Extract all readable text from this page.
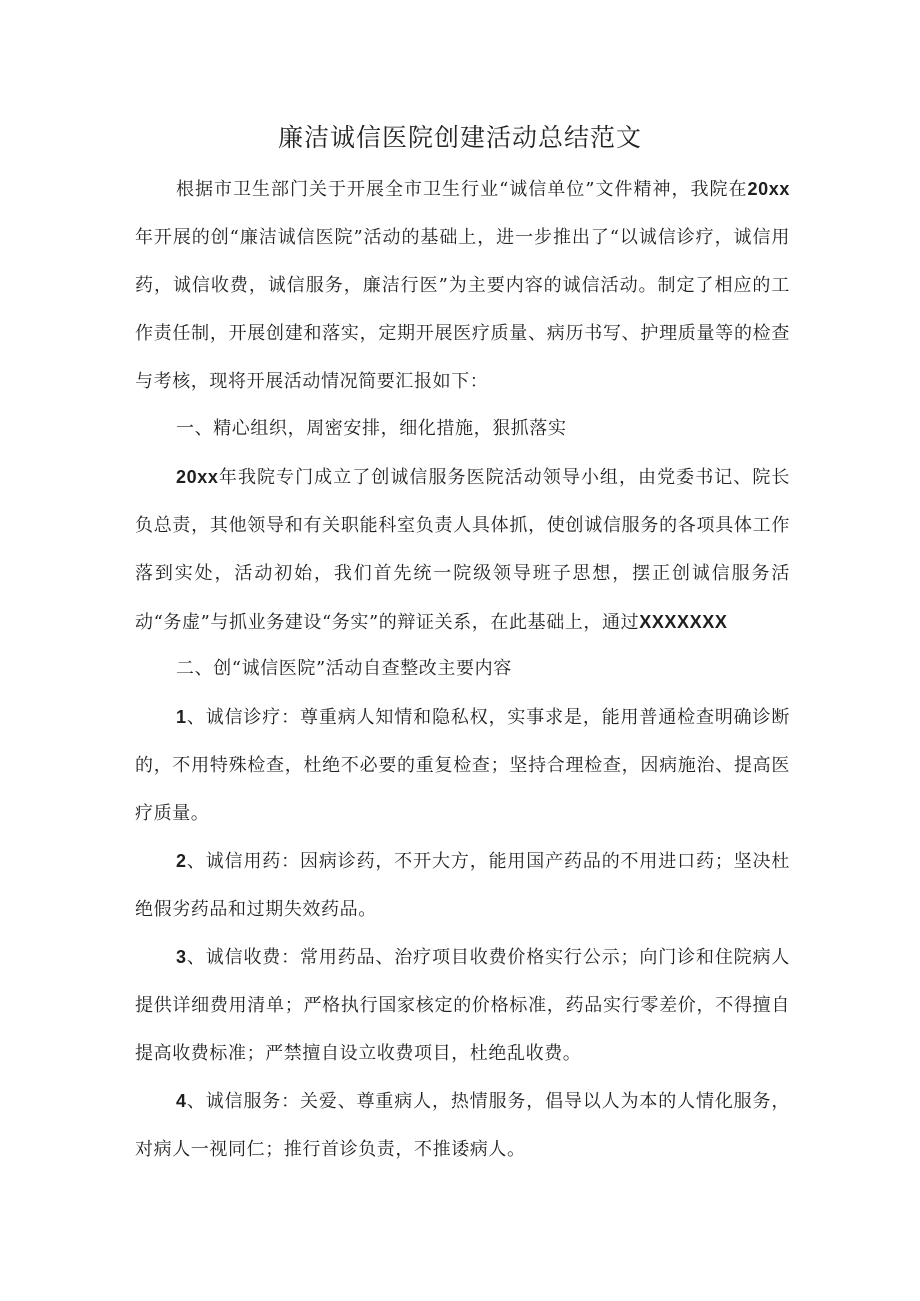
廉洁诚信医院创建活动总结范文

根据市卫生部门关于开展全市卫生行业“诚信单位”文件精神，我院在20xx年开展的创“廉洁诚信医院”活动的基础上，进一步推出了“以诚信诊疗，诚信用药，诚信收费，诚信服务，廉洁行医”为主要内容的诚信活动。制定了相应的工作责任制，开展创建和落实，定期开展医疗质量、病历书写、护理质量等的检查与考核，现将开展活动情况简要汇报如下：

一、精心组织，周密安排，细化措施，狠抓落实

20xx年我院专门成立了创诚信服务医院活动领导小组，由党委书记、院长负总责，其他领导和有关职能科室负责人具体抓，使创诚信服务的各项具体工作落到实处，活动初始，我们首先统一院级领导班子思想，摆正创诚信服务活动“务虚”与抓业务建设“务实”的辩证关系，在此基础上，通过XXXXXXX

二、创“诚信医院”活动自查整改主要内容

1、诚信诊疗：尊重病人知情和隐私权，实事求是，能用普通检查明确诊断的，不用特殊检查，杜绝不必要的重复检查；坚持合理检查，因病施治、提高医疗质量。

2、诚信用药：因病诊药，不开大方，能用国产药品的不用进口药；坚决杜绝假劣药品和过期失效药品。

3、诚信收费：常用药品、治疗项目收费价格实行公示；向门诊和住院病人提供详细费用清单；严格执行国家核定的价格标准，药品实行零差价，不得擅自提高收费标准；严禁擅自设立收费项目，杜绝乱收费。

4、诚信服务：关爱、尊重病人，热情服务，倡导以人为本的人情化服务，对病人一视同仁；推行首诊负责，不推诿病人。
